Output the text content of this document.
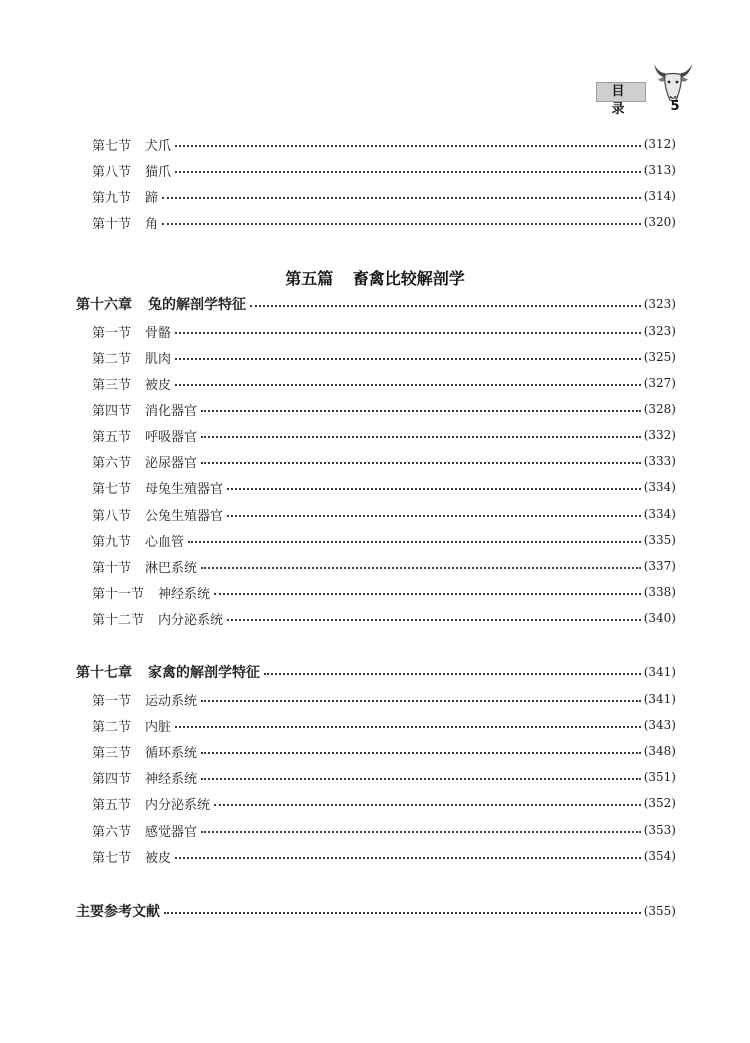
目 录	5
第七节 犬爪	(312)
第八节 猫爪	(313)
第九节 蹄	(314)
第十节 角	(320)
第五篇 畜禽比较解剖学
第十六章 兔的解剖学特征	(323)
第一节 骨骼	(323)
第二节 肌肉	(325)
第三节 被皮	(327)
第四节 消化器官	(328)
第五节 呼吸器官	(332)
第六节 泌尿器官	(333)
第七节 母兔生殖器官	(334)
第八节 公兔生殖器官	(334)
第九节 心血管	(335)
第十节 淋巴系统	(337)
第十一节 神经系统	(338)
第十二节 内分泌系统	(340)
第十七章 家禽的解剖学特征	(341)
第一节 运动系统	(341)
第二节 内脏	(343)
第三节 循环系统	(348)
第四节 神经系统	(351)
第五节 内分泌系统	(352)
第六节 感觉器官	(353)
第七节 被皮	(354)
主要参考文献	(355)
